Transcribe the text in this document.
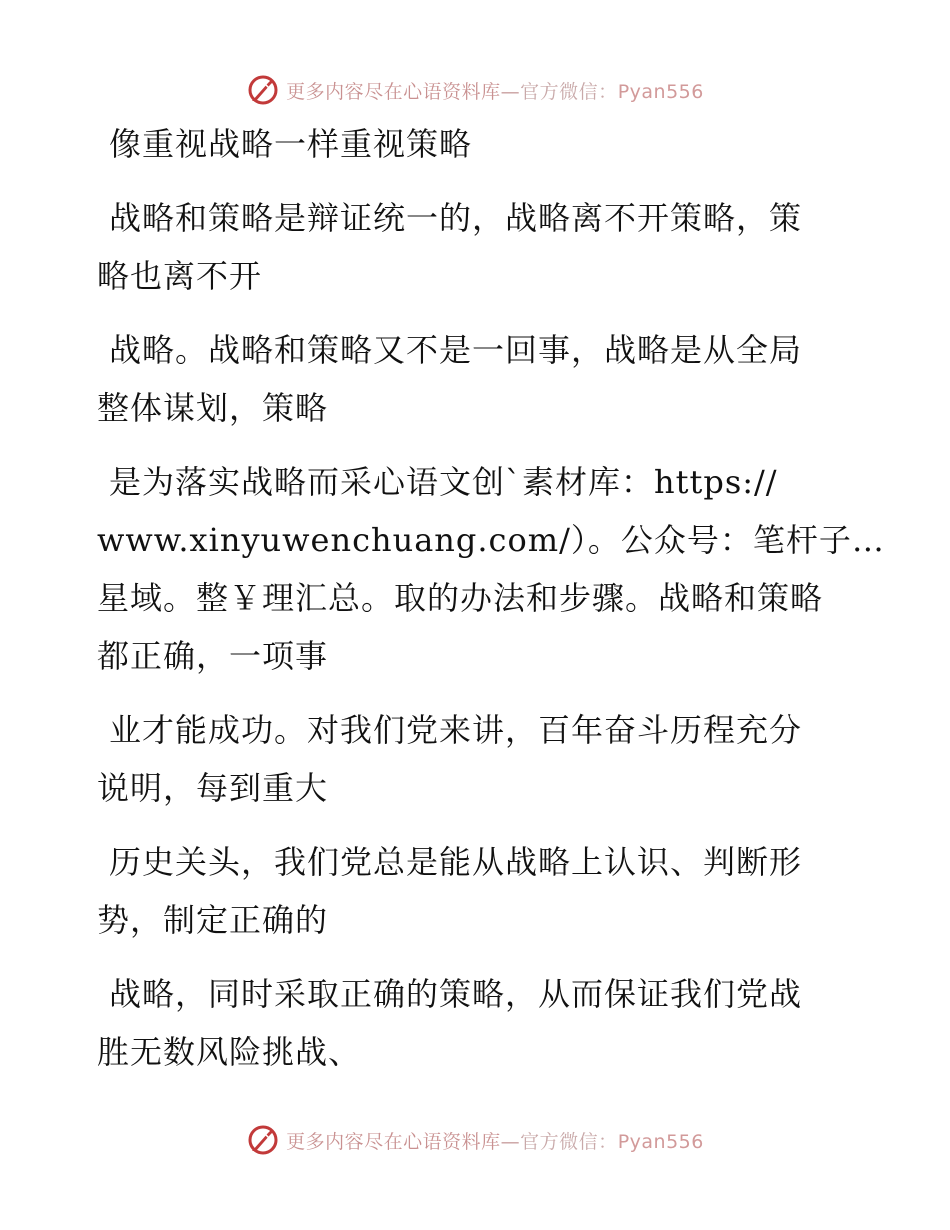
更多内容尽在心语资料库—官方微信：Pyan556

像重视战略一样重视策略

战略和策略是辩证统一的，战略离不开策略，策
略也离不开

战略。战略和策略又不是一回事，战略是从全局
整体谋划，策略

是为落实战略而采心语文创`素材库：https://
www.xinyuwenchuang.com/）。公众号：笔杆子…
星域。整￥理汇总。取的办法和步骤。战略和策略
都正确，一项事

业才能成功。对我们党来讲，百年奋斗历程充分
说明，每到重大

历史关头，我们党总是能从战略上认识、判断形
势，制定正确的

战略，同时采取正确的策略，从而保证我们党战
胜无数风险挑战、

更多内容尽在心语资料库—官方微信：Pyan556
